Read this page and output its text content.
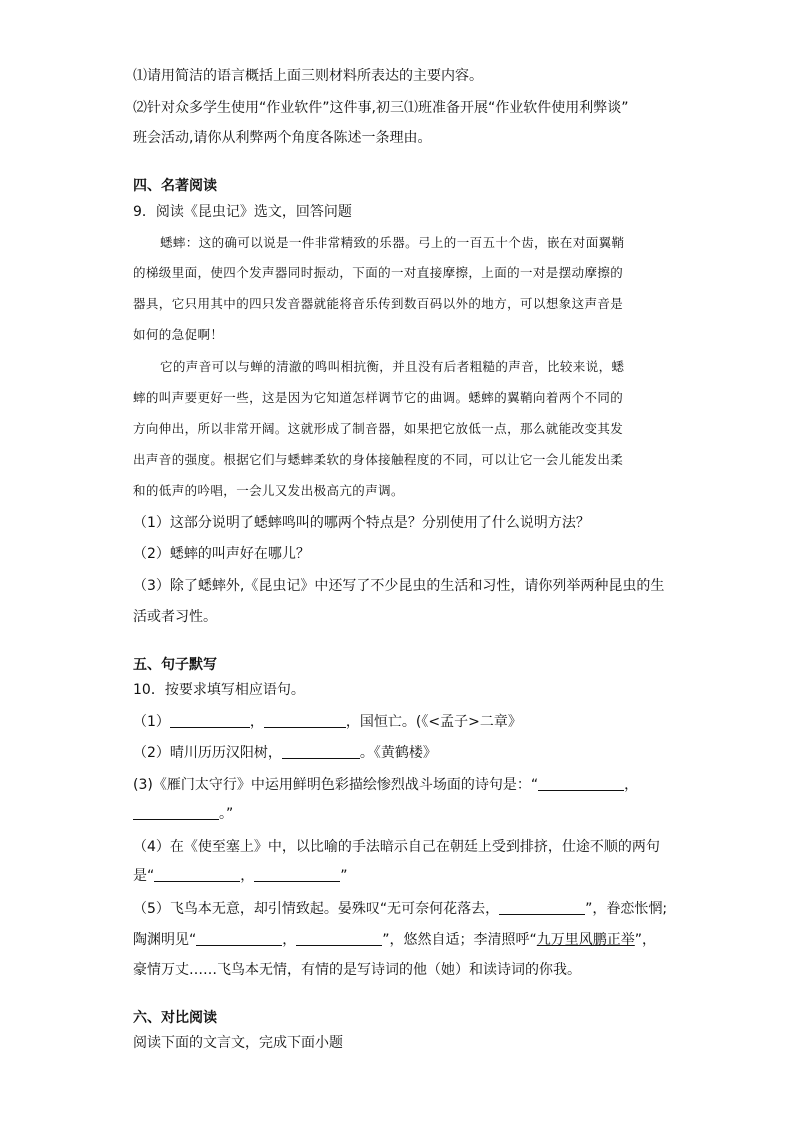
⑴请用简洁的语言概括上面三则材料所表达的主要内容。
⑵针对众多学生使用“作业软件”这件事,初三⑴班准备开展“作业软件使用利弊谈”
班会活动,请你从利弊两个角度各陈述一条理由。
四、名著阅读
9．阅读《昆虫记》选文，回答问题
蟋蟀：这的确可以说是一件非常精致的乐器。弓上的一百五十个齿，嵌在对面翼鞘
的梯级里面，使四个发声器同时振动，下面的一对直接摩擦，上面的一对是摆动摩擦的
器具，它只用其中的四只发音器就能将音乐传到数百码以外的地方，可以想象这声音是
如何的急促啊！
它的声音可以与蝉的清澈的鸣叫相抗衡，并且没有后者粗糙的声音，比较来说，蟋
蟀的叫声要更好一些，这是因为它知道怎样调节它的曲调。蟋蟀的翼鞘向着两个不同的
方向伸出，所以非常开阔。这就形成了制音器，如果把它放低一点，那么就能改变其发
出声音的强度。根据它们与蟋蟀柔软的身体接触程度的不同，可以让它一会儿能发出柔
和的低声的吟唱，一会儿又发出极高亢的声调。
（1）这部分说明了蟋蟀鸣叫的哪两个特点是？分别使用了什么说明方法？
（2）蟋蟀的叫声好在哪儿？
（3）除了蟋蟀外,《昆虫记》中还写了不少昆虫的生活和习性，请你列举两种昆虫的生
活或者习性。
五、句子默写
10．按要求填写相应语句。
（1）	，	，国恒亡。(《<孟子>二章》
（2）晴川历历汉阳树，	。《黄鹤楼》
(3)《雁门太守行》中运用鲜明色彩描绘惨烈战斗场面的诗句是：“	，
。”
（4）在《使至塞上》中，以比喻的手法暗示自己在朝廷上受到排挤，仕途不顺的两句
是“	，	”
（5）飞鸟本无意，却引情致起。晏殊叹“无可奈何花落去，	”，眷恋怅惘;
陶渊明见“	，	”，悠然自适；李清照呼“九万里风鹏正举”，
豪情万丈……飞鸟本无情，有情的是写诗词的他（她）和读诗词的你我。
六、对比阅读
阅读下面的文言文，完成下面小题
